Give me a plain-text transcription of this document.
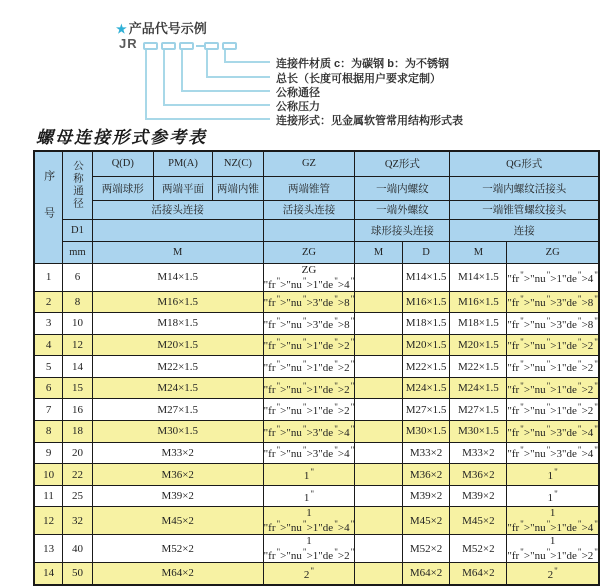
★ 产品代号示例
JR
连接件材质 c：为碳钢 b：为不锈钢
总长（长度可根据用户要求定制）
公称通径
公称压力
连接形式：见金属软管常用结构形式表
螺母连接形式参考表
序号	公称通径	Q(D)	PM(A)	NZ(C)	GZ	QZ形式		QG形式	
		两端球形	两端平面	两端内锥	两端锥管	一端内螺纹		一端内螺纹活接头	
		活接头连接			活接头连接	一端外螺纹		一端锥管螺纹接头	
	D1					球形接头连接		连接	
	mm	M			ZG	M	D	M	ZG
1	6	M14×1.5			ZG "fr">"nu">1"de">4"		M14×1.5	M14×1.5	"fr">"nu">1"de">4"
2	8	M16×1.5			"fr">"nu">3"de">8"		M16×1.5	M16×1.5	"fr">"nu">3"de">8"
3	10	M18×1.5			"fr">"nu">3"de">8"		M18×1.5	M18×1.5	"fr">"nu">3"de">8"
4	12	M20×1.5			"fr">"nu">1"de">2"		M20×1.5	M20×1.5	"fr">"nu">1"de">2"
5	14	M22×1.5			"fr">"nu">1"de">2"		M22×1.5	M22×1.5	"fr">"nu">1"de">2"
6	15	M24×1.5			"fr">"nu">1"de">2"		M24×1.5	M24×1.5	"fr">"nu">1"de">2"
7	16	M27×1.5			"fr">"nu">1"de">2"		M27×1.5	M27×1.5	"fr">"nu">1"de">2"
8	18	M30×1.5			"fr">"nu">3"de">4"		M30×1.5	M30×1.5	"fr">"nu">3"de">4"
9	20	M33×2			"fr">"nu">3"de">4"		M33×2	M33×2	"fr">"nu">3"de">4"
10	22	M36×2			1"		M36×2	M36×2	1"
11	25	M39×2			1"		M39×2	M39×2	1"
12	32	M45×2			1 "fr">"nu">1"de">4"		M45×2	M45×2	1 "fr">"nu">1"de">4"
13	40	M52×2			1 "fr">"nu">1"de">2"		M52×2	M52×2	1 "fr">"nu">1"de">2"
14	50	M64×2			2"		M64×2	M64×2	2"
